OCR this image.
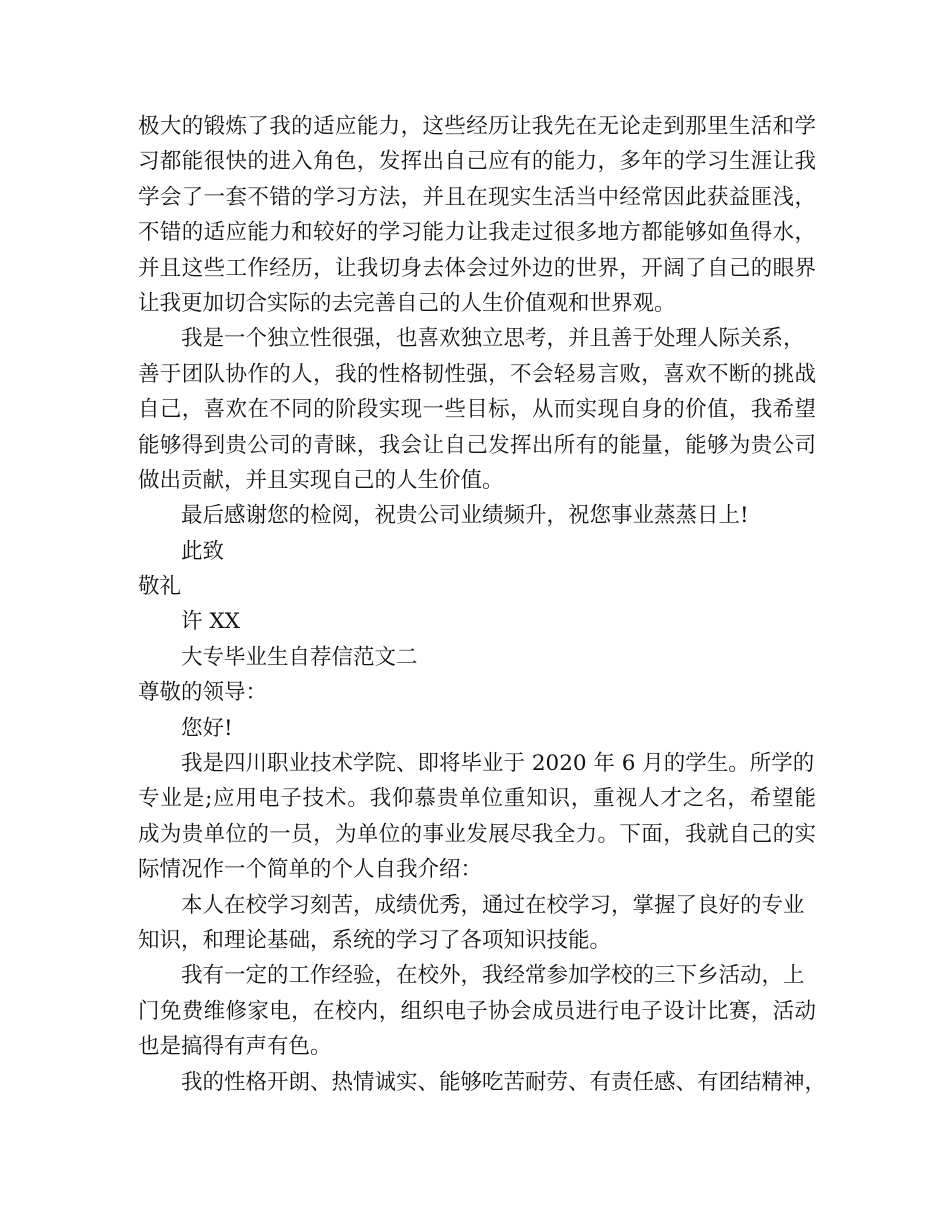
极大的锻炼了我的适应能力，这些经历让我先在无论走到那里生活和学
习都能很快的进入角色，发挥出自己应有的能力，多年的学习生涯让我
学会了一套不错的学习方法，并且在现实生活当中经常因此获益匪浅，
不错的适应能力和较好的学习能力让我走过很多地方都能够如鱼得水，
并且这些工作经历，让我切身去体会过外边的世界，开阔了自己的眼界
让我更加切合实际的去完善自己的人生价值观和世界观。
我是一个独立性很强，也喜欢独立思考，并且善于处理人际关系，
善于团队协作的人，我的性格韧性强，不会轻易言败，喜欢不断的挑战
自己，喜欢在不同的阶段实现一些目标，从而实现自身的价值，我希望
能够得到贵公司的青睐，我会让自己发挥出所有的能量，能够为贵公司
做出贡献，并且实现自己的人生价值。
最后感谢您的检阅，祝贵公司业绩频升，祝您事业蒸蒸日上!
此致
敬礼
许 XX
大专毕业生自荐信范文二
尊敬的领导：
您好!
我是四川职业技术学院、即将毕业于 2020 年 6 月的学生。所学的
专业是;应用电子技术。我仰慕贵单位重知识，重视人才之名，希望能
成为贵单位的一员，为单位的事业发展尽我全力。下面，我就自己的实
际情况作一个简单的个人自我介绍：
本人在校学习刻苦，成绩优秀，通过在校学习，掌握了良好的专业
知识，和理论基础，系统的学习了各项知识技能。
我有一定的工作经验，在校外，我经常参加学校的三下乡活动，上
门免费维修家电，在校内，组织电子协会成员进行电子设计比赛，活动
也是搞得有声有色。
我的性格开朗、热情诚实、能够吃苦耐劳、有责任感、有团结精神，
